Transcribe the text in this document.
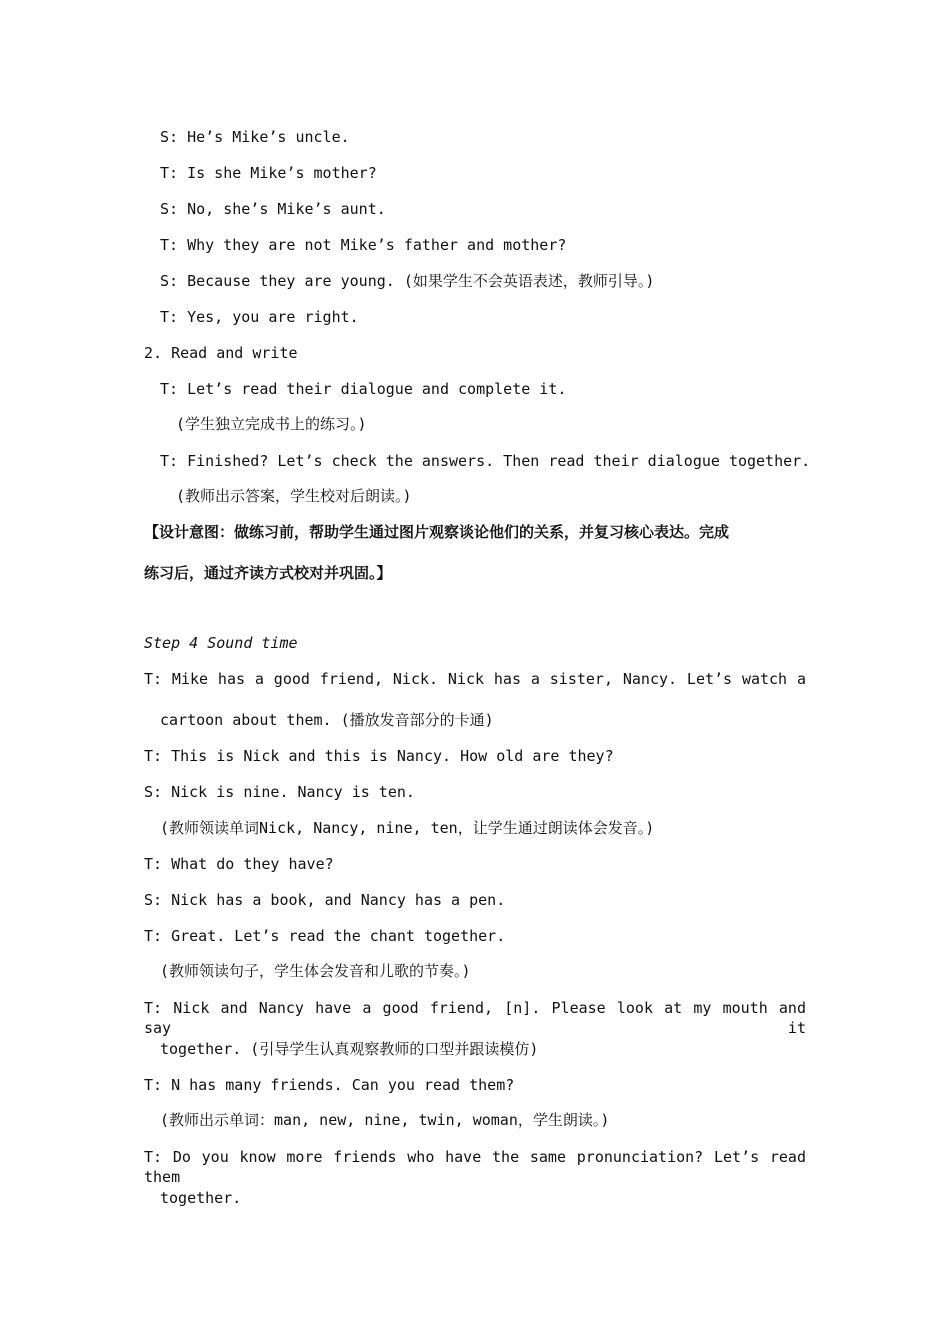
S: He’s Mike’s uncle.
T: Is she Mike’s mother?
S: No, she’s Mike’s aunt.
T: Why they are not Mike’s father and mother?
S: Because they are young. (如果学生不会英语表述，教师引导。)
T: Yes, you are right.
2. Read and write
T: Let’s read their dialogue and complete it.
(学生独立完成书上的练习。)
T: Finished? Let’s check the answers. Then read their dialogue together.
(教师出示答案，学生校对后朗读。)
【设计意图：做练习前，帮助学生通过图片观察谈论他们的关系，并复习核心表达。完成
练习后，通过齐读方式校对并巩固。】
Step 4 Sound time
T: Mike has a good friend, Nick. Nick has a sister, Nancy. Let’s watch a
cartoon about them. (播放发音部分的卡通)
T: This is Nick and this is Nancy. How old are they?
S: Nick is nine. Nancy is ten.
(教师领读单词Nick, Nancy, nine, ten，让学生通过朗读体会发音。)
T: What do they have?
S: Nick has a book, and Nancy has a pen.
T: Great. Let’s read the chant together.
(教师领读句子，学生体会发音和儿歌的节奏。)
T: Nick and Nancy have a good friend, [n]. Please look at my mouth and say it
together. (引导学生认真观察教师的口型并跟读模仿)
T: N has many friends. Can you read them?
(教师出示单词：man, new, nine, twin, woman，学生朗读。)
T: Do you know more friends who have the same pronunciation? Let’s read them
together.
